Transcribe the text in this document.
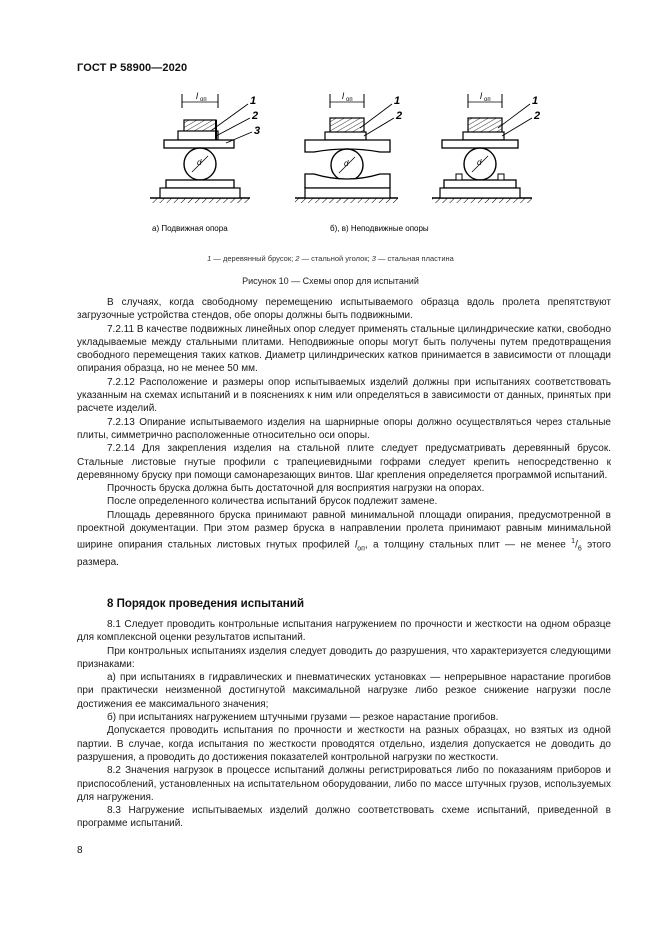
ГОСТ Р 58900—2020
l оп
d
1
2
3
l оп
d
1
2
l оп
d
1
2
а) Подвижная опора	б), в) Неподвижные опоры
1 — деревянный брусок; 2 — стальной уголок; 3 — стальная пластина
Рисунок 10 — Схемы опор для испытаний

В случаях, когда свободному перемещению испытываемого образца вдоль пролета препятствуют загрузочные устройства стендов, обе опоры должны быть подвижными.

7.2.11 В качестве подвижных линейных опор следует применять стальные цилиндрические катки, свободно укладываемые между стальными плитами. Неподвижные опоры могут быть получены путем предотвращения свободного перемещения таких катков. Диаметр цилиндрических катков принимается в зависимости от площади опирания образца, но не менее 50 мм.

7.2.12 Расположение и размеры опор испытываемых изделий должны при испытаниях соответствовать указанным на схемах испытаний и в пояснениях к ним или определяться в зависимости от данных, принятых при расчете изделий.

7.2.13 Опирание испытываемого изделия на шарнирные опоры должно осуществляться через стальные плиты, симметрично расположенные относительно оси опоры.

7.2.14 Для закрепления изделия на стальной плите следует предусматривать деревянный брусок. Стальные листовые гнутые профили с трапециевидными гофрами следует крепить непосредственно к деревянному бруску при помощи самонарезающих винтов. Шаг крепления определяется программой испытаний.

Прочность бруска должна быть достаточной для восприятия нагрузки на опорах.

После определенного количества испытаний брусок подлежит замене.

Площадь деревянного бруска принимают равной минимальной площади опирания, предусмотренной в проектной документации. При этом размер бруска в направлении пролета принимают равным минимальной ширине опирания стальных листовых гнутых профилей $l_{оп}$, а толщину стальных плит — не менее $^1/_6$ этого размера.

8 Порядок проведения испытаний

8.1 Следует проводить контрольные испытания нагружением по прочности и жесткости на одном образце для комплексной оценки результатов испытаний.

При контрольных испытаниях изделия следует доводить до разрушения, что характеризуется следующими признаками:

а) при испытаниях в гидравлических и пневматических установках — непрерывное нарастание прогибов при практически неизменной достигнутой максимальной нагрузке либо резкое снижение нагрузки после достижения ее максимального значения;

б) при испытаниях нагружением штучными грузами — резкое нарастание прогибов.

Допускается проводить испытания по прочности и жесткости на разных образцах, но взятых из одной партии. В случае, когда испытания по жесткости проводятся отдельно, изделия допускается не доводить до разрушения, а проводить до достижения показателей контрольной нагрузки по жесткости.

8.2 Значения нагрузок в процессе испытаний должны регистрироваться либо по показаниям приборов и приспособлений, установленных на испытательном оборудовании, либо по массе штучных грузов, используемых для нагружения.

8.3 Нагружение испытываемых изделий должно соответствовать схеме испытаний, приведенной в программе испытаний.

8
